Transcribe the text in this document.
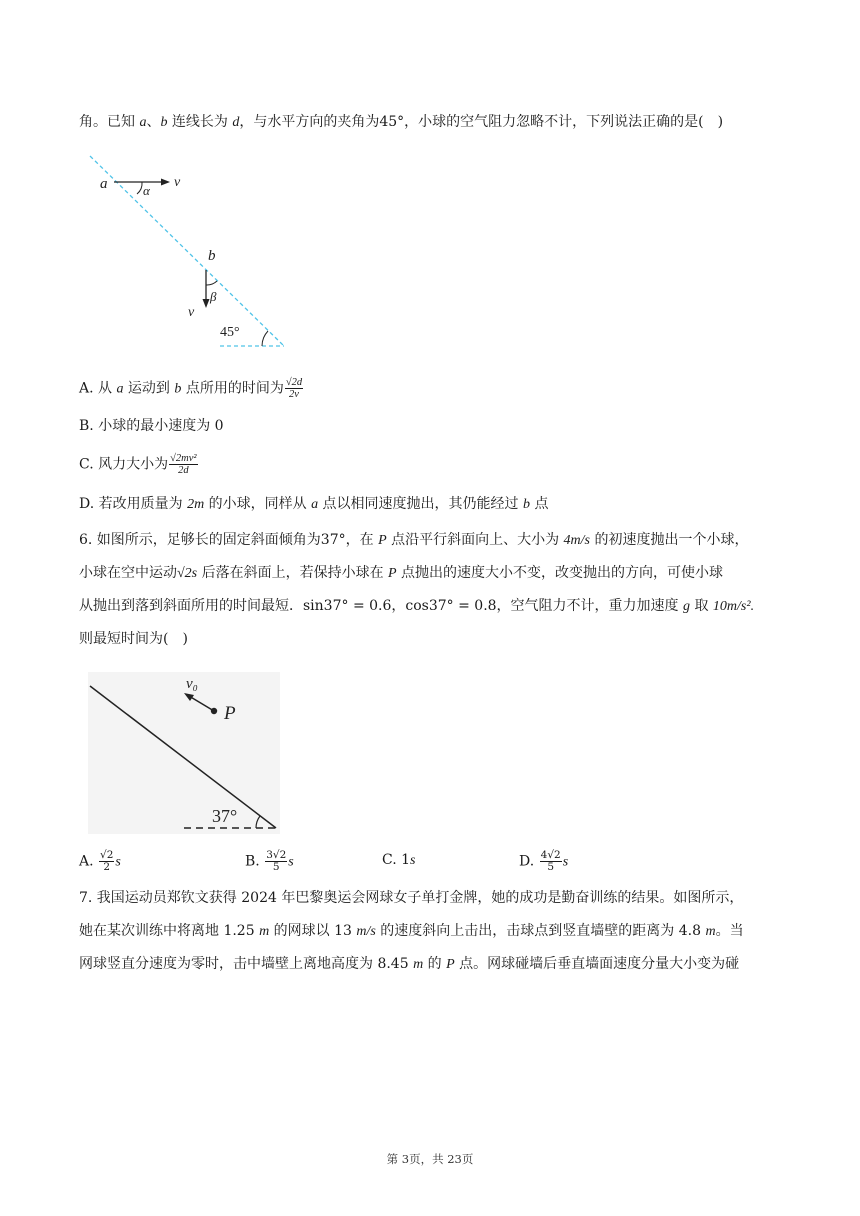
角。已知 a、b 连线长为 d，与水平方向的夹角为45°，小球的空气阻力忽略不计，下列说法正确的是(　)
a	v
α
b
β
v
45°
A. 从 a 运动到 b 点所用的时间为 $\frac{√2d}{2v}$
B. 小球的最小速度为 0
C. 风力大小为 $\frac{\text{√2mv²}}{2d}$
D. 若改用质量为 2m 的小球，同样从 a 点以相同速度抛出，其仍能经过 b 点
6. 如图所示，足够长的固定斜面倾角为37°，在 P 点沿平行斜面向上、大小为 4m/s 的初速度抛出一个小球，
小球在空中运动√2s 后落在斜面上，若保持小球在 P 点抛出的速度大小不变，改变抛出的方向，可使小球
从抛出到落到斜面所用的时间最短．sin37° = 0.6，cos37° = 0.8，空气阻力不计，重力加速度 g 取 10m/s².
则最短时间为(　)
v₀
P
37°
A. $\frac{√2}{2}$ s	B. $\frac{3√2}{5}$ s	C. 1s	D. $\frac{4√2}{5}$ s
7. 我国运动员郑钦文获得 2024 年巴黎奥运会网球女子单打金牌，她的成功是勤奋训练的结果。如图所示，
她在某次训练中将离地 1.25 m 的网球以 13 m/s 的速度斜向上击出，击球点到竖直墙壁的距离为 4.8 m。当
网球竖直分速度为零时，击中墙壁上离地高度为 8.45 m 的 P 点。网球碰墙后垂直墙面速度分量大小变为碰
第 3页，共 23页
